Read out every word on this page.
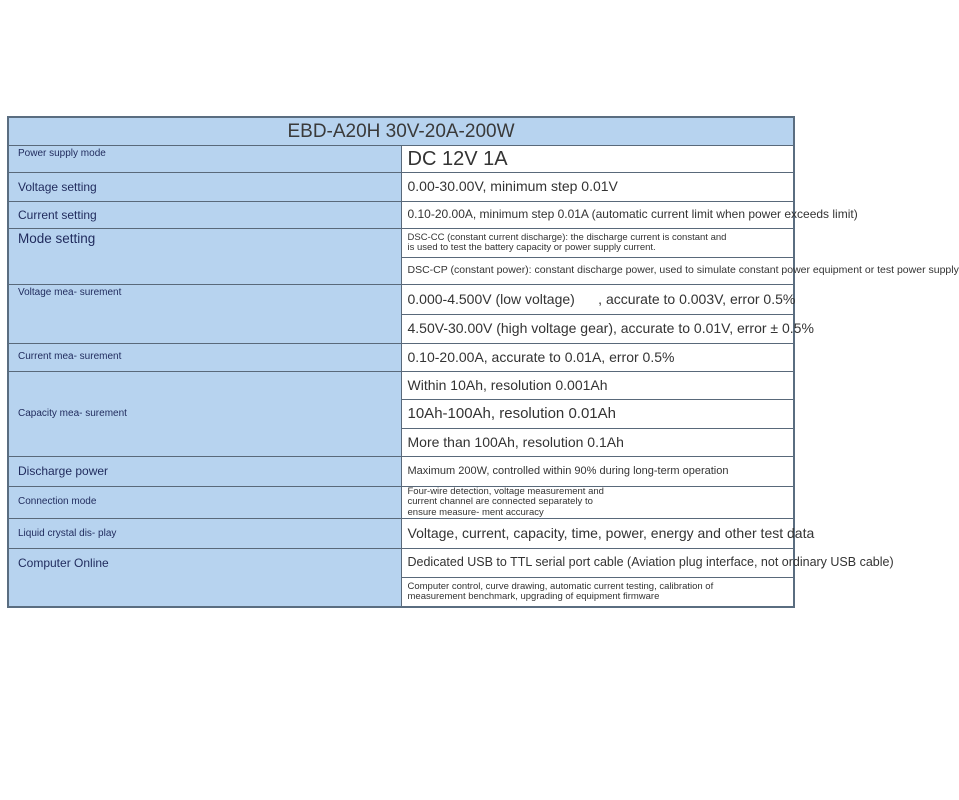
EBD-A20H 30V-20A-200W	
Power supply mode	DC 12V 1A
Voltage setting	0.00-30.00V, minimum step 0.01V
Current setting	0.10-20.00A, minimum step 0.01A (automatic current limit when power exceeds limit)
Mode setting	DSC-CC (constant current discharge): the discharge current is constant and is used to test the battery capacity or power supply current.
	DSC-CP (constant power): constant discharge power, used to simulate constant power equipment or test power supply
Voltage mea- surement	0.000-4.500V (low voltage)      , accurate to 0.003V, error 0.5%
	4.50V-30.00V (high voltage gear), accurate to 0.01V, error ± 0.5%
Current mea- surement	0.10-20.00A, accurate to 0.01A, error 0.5%
Capacity mea- surement	Within 10Ah, resolution 0.001Ah
	10Ah-100Ah, resolution 0.01Ah
	More than 100Ah, resolution 0.1Ah
Discharge power	Maximum 200W, controlled within 90% during long-term operation
Connection mode	Four-wire detection, voltage measurement and current channel are connected separately to ensure measure- ment accuracy
Liquid crystal dis- play	Voltage, current, capacity, time, power, energy and other test data
Computer Online	Dedicated USB to TTL serial port cable (Aviation plug interface, not ordinary USB cable)
	Computer control, curve drawing, automatic current testing, calibration of measurement benchmark, upgrading of equipment firmware
